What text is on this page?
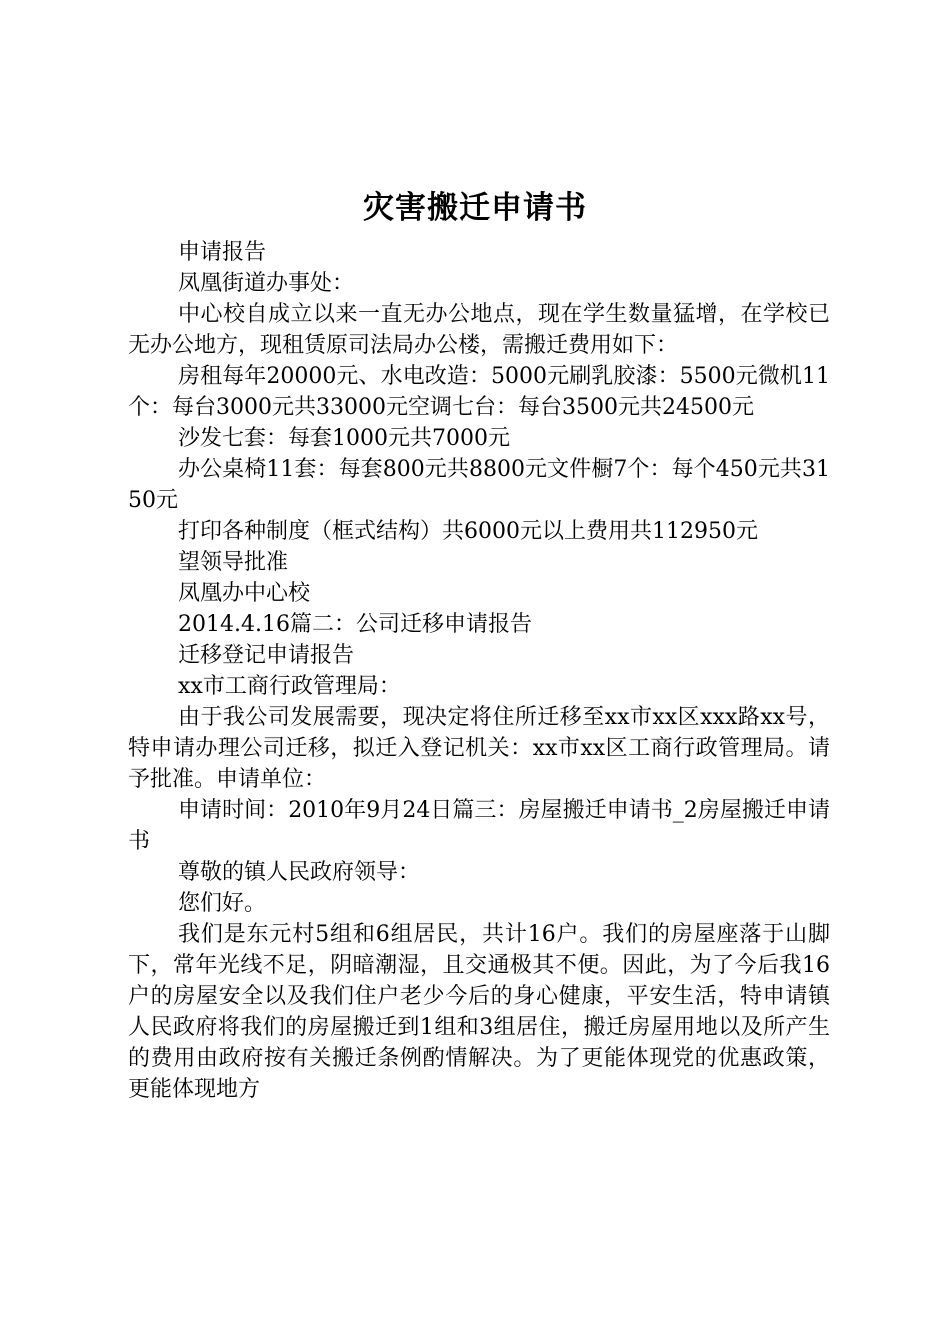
灾害搬迁申请书

申请报告

凤凰街道办事处：

中心校自成立以来一直无办公地点，现在学生数量猛增，在学校已无办公地方，现租赁原司法局办公楼，需搬迁费用如下：

房租每年20000元、水电改造：5000元刷乳胶漆：5500元微机11个：每台3000元共33000元空调七台：每台3500元共24500元

沙发七套：每套1000元共7000元

办公桌椅11套：每套800元共8800元文件橱7个：每个450元共3150元

打印各种制度（框式结构）共6000元以上费用共112950元

望领导批准

凤凰办中心校

2014.4.16篇二：公司迁移申请报告

迁移登记申请报告

xx市工商行政管理局：

由于我公司发展需要，现决定将住所迁移至xx市xx区xxx路xx号，特申请办理公司迁移，拟迁入登记机关：xx市xx区工商行政管理局。请予批准。申请单位：

申请时间：2010年9月24日篇三：房屋搬迁申请书_2房屋搬迁申请书

尊敬的镇人民政府领导：

您们好。

我们是东元村5组和6组居民，共计16户。我们的房屋座落于山脚下，常年光线不足，阴暗潮湿，且交通极其不便。因此，为了今后我16户的房屋安全以及我们住户老少今后的身心健康，平安生活，特申请镇人民政府将我们的房屋搬迁到1组和3组居住，搬迁房屋用地以及所产生的费用由政府按有关搬迁条例酌情解决。为了更能体现党的优惠政策，更能体现地方
